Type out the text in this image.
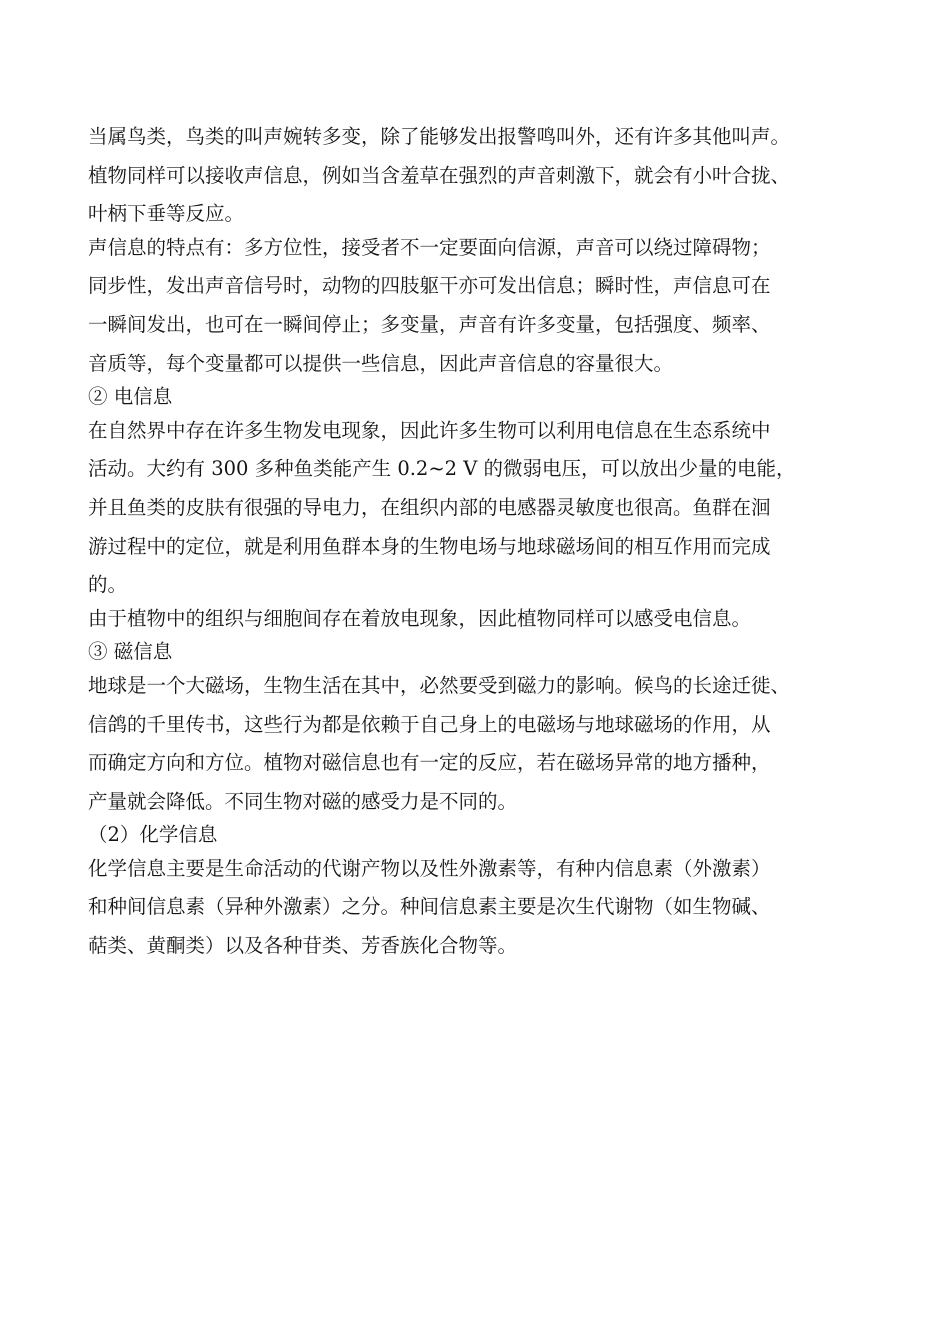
当属鸟类，鸟类的叫声婉转多变，除了能够发出报警鸣叫外，还有许多其他叫声。
植物同样可以接收声信息，例如当含羞草在强烈的声音刺激下，就会有小叶合拢、
叶柄下垂等反应。
声信息的特点有：多方位性，接受者不一定要面向信源，声音可以绕过障碍物；
同步性，发出声音信号时，动物的四肢躯干亦可发出信息；瞬时性，声信息可在
一瞬间发出，也可在一瞬间停止；多变量，声音有许多变量，包括强度、频率、
音质等，每个变量都可以提供一些信息，因此声音信息的容量很大。
② 电信息
在自然界中存在许多生物发电现象，因此许多生物可以利用电信息在生态系统中
活动。大约有 300 多种鱼类能产生 0.2~2 V 的微弱电压，可以放出少量的电能，
并且鱼类的皮肤有很强的导电力，在组织内部的电感器灵敏度也很高。鱼群在洄
游过程中的定位，就是利用鱼群本身的生物电场与地球磁场间的相互作用而完成
的。
由于植物中的组织与细胞间存在着放电现象，因此植物同样可以感受电信息。
③ 磁信息
地球是一个大磁场，生物生活在其中，必然要受到磁力的影响。候鸟的长途迁徙、
信鸽的千里传书，这些行为都是依赖于自己身上的电磁场与地球磁场的作用，从
而确定方向和方位。植物对磁信息也有一定的反应，若在磁场异常的地方播种，
产量就会降低。不同生物对磁的感受力是不同的。
（2）化学信息
化学信息主要是生命活动的代谢产物以及性外激素等，有种内信息素（外激素）
和种间信息素（异种外激素）之分。种间信息素主要是次生代谢物（如生物碱、
萜类、黄酮类）以及各种苷类、芳香族化合物等。
